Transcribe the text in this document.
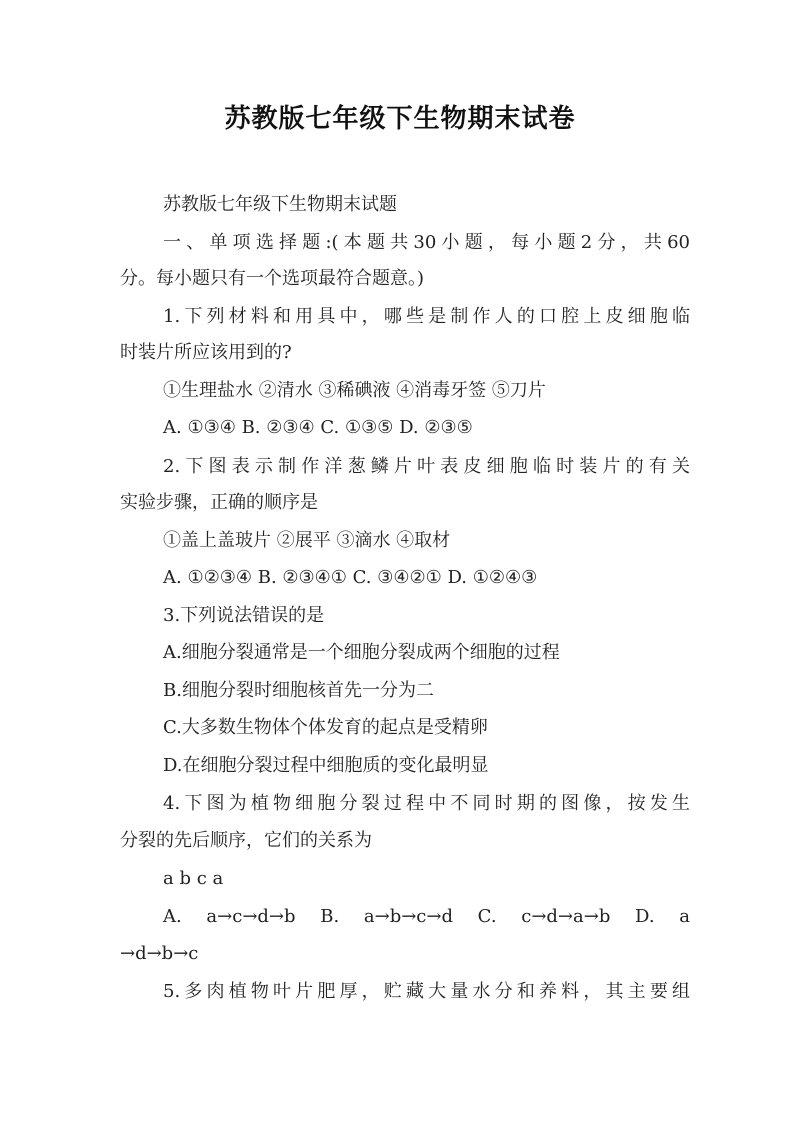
苏教版七年级下生物期末试卷
苏教版七年级下生物期末试题
一、单项选择题:(本题共30小题，每小题2分，共60
分。每小题只有一个选项最符合题意。)
1.下列材料和用具中，哪些是制作人的口腔上皮细胞临
时装片所应该用到的?
①生理盐水 ②清水 ③稀碘液 ④消毒牙签 ⑤刀片
A. ①③④ B. ②③④ C. ①③⑤ D. ②③⑤
2.下图表示制作洋葱鳞片叶表皮细胞临时装片的有关
实验步骤，正确的顺序是
①盖上盖玻片 ②展平 ③滴水 ④取材
A. ①②③④ B. ②③④① C. ③④②① D. ①②④③
3.下列说法错误的是
A.细胞分裂通常是一个细胞分裂成两个细胞的过程
B.细胞分裂时细胞核首先一分为二
C.大多数生物体个体发育的起点是受精卵
D.在细胞分裂过程中细胞质的变化最明显
4.下图为植物细胞分裂过程中不同时期的图像，按发生
分裂的先后顺序，它们的关系为
a b c a
A. a→c→d→b B. a→b→c→d C. c→d→a→b D. a
→d→b→c
5.多肉植物叶片肥厚，贮藏大量水分和养料，其主要组
